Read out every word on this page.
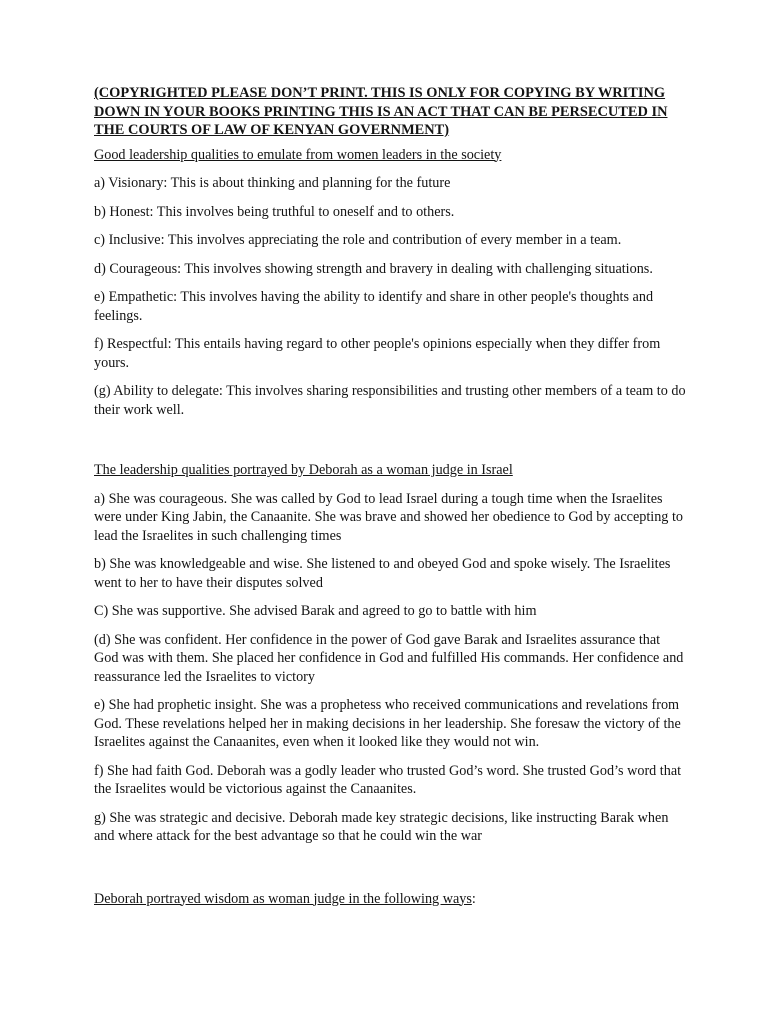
(COPYRIGHTED PLEASE DON’T PRINT. THIS IS ONLY FOR COPYING BY WRITING DOWN IN YOUR BOOKS PRINTING THIS IS AN ACT THAT CAN BE PERSECUTED IN THE COURTS OF LAW OF KENYAN GOVERNMENT)

Good leadership qualities to emulate from women leaders in the society

a) Visionary: This is about thinking and planning for the future

b) Honest: This involves being truthful to oneself and to others.

c) Inclusive: This involves appreciating the role and contribution of every member in a team.

d) Courageous: This involves showing strength and bravery in dealing with challenging situations.

e) Empathetic: This involves having the ability to identify and share in other people's thoughts and feelings.

f) Respectful: This entails having regard to other people's opinions especially when they differ from yours.

(g) Ability to delegate: This involves sharing responsibilities and trusting other members of a team to do their work well.

The leadership qualities portrayed by Deborah as a woman judge in Israel

a) She was courageous. She was called by God to lead Israel during a tough time when the Israelites were under King Jabin, the Canaanite. She was brave and showed her obedience to God by accepting to lead the Israelites in such challenging times

b) She was knowledgeable and wise. She listened to and obeyed God and spoke wisely. The Israelites went to her to have their disputes solved

C) She was supportive. She advised Barak and agreed to go to battle with him

(d) She was confident. Her confidence in the power of God gave Barak and Israelites assurance that God was with them. She placed her confidence in God and fulfilled His commands. Her confidence and reassurance led the Israelites to victory

e) She had prophetic insight. She was a prophetess who received communications and revelations from God. These revelations helped her in making decisions in her leadership. She foresaw the victory of the Israelites against the Canaanites, even when it looked like they would not win.

f) She had faith God. Deborah was a godly leader who trusted God’s word. She trusted God’s word that the Israelites would be victorious against the Canaanites.

g) She was strategic and decisive. Deborah made key strategic decisions, like instructing Barak when and where attack for the best advantage so that he could win the war

Deborah portrayed wisdom as woman judge in the following ways:
